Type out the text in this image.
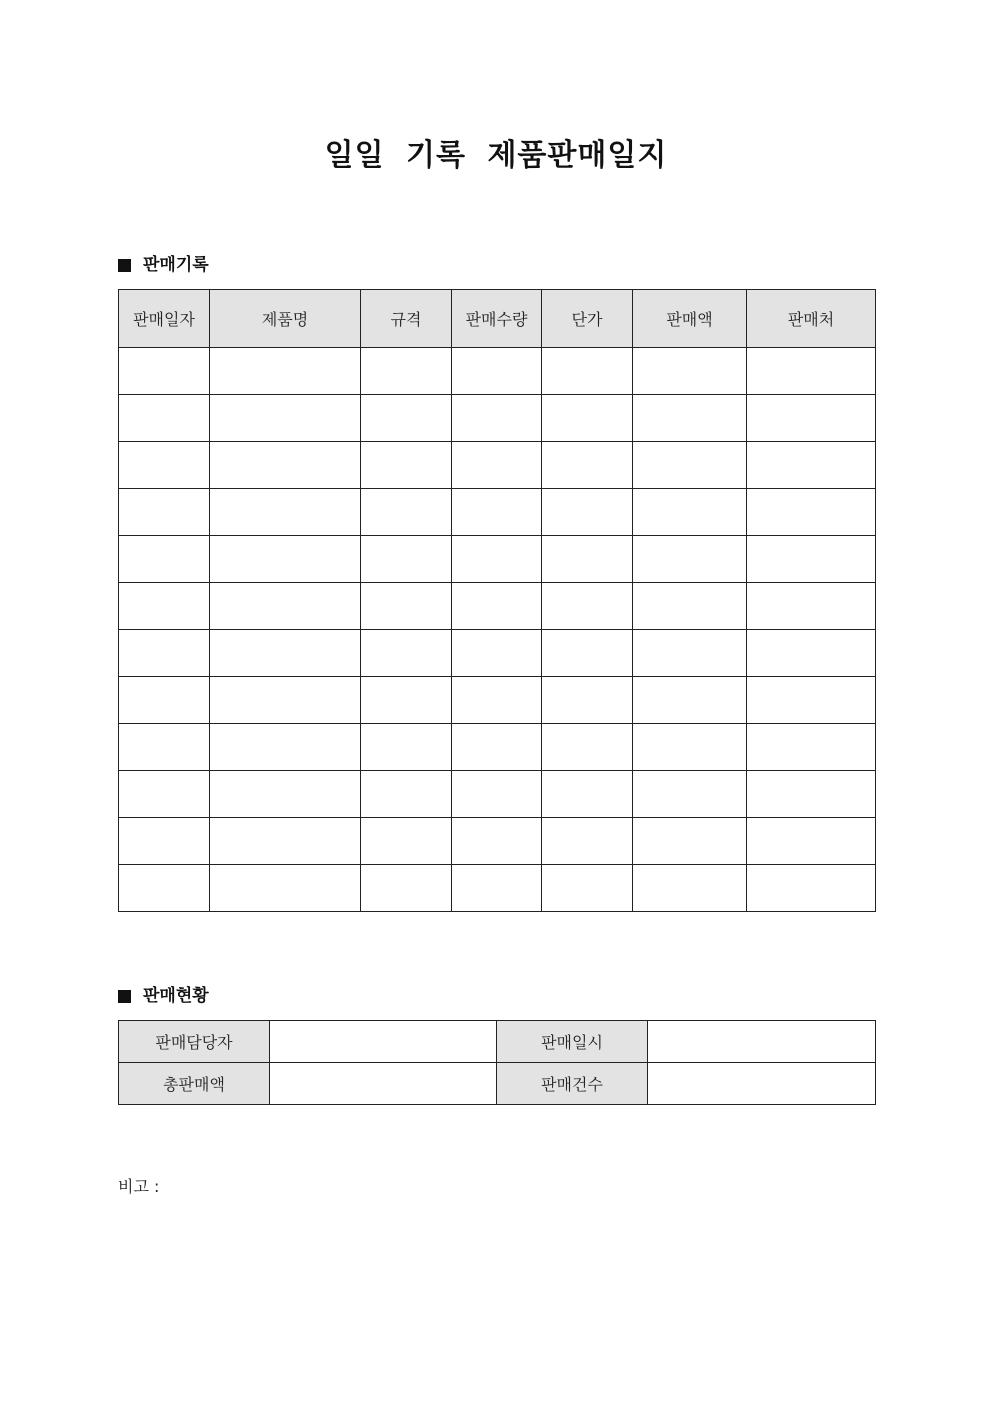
일일 기록 제품판매일지
판매기록
판매일자	제품명	규격	판매수량	단가	판매액	판매처

판매현황
판매담당자		판매일시	
총판매액		판매건수	
비고 :
